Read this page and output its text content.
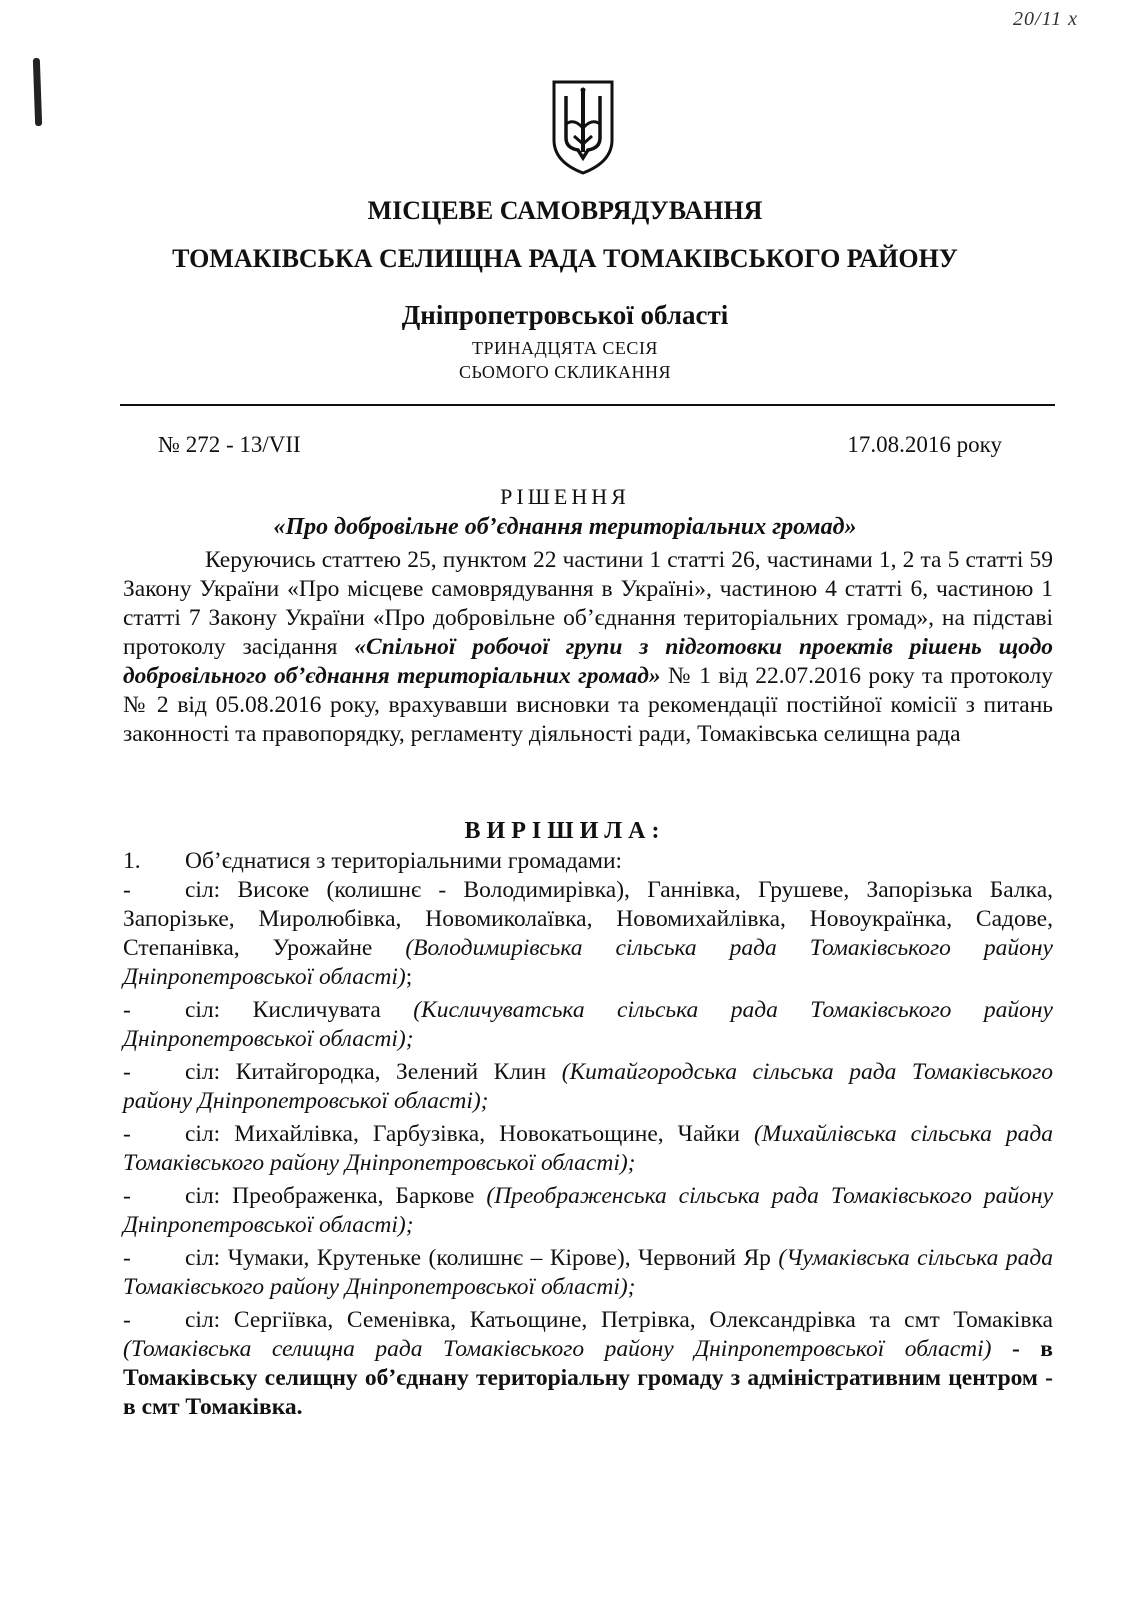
20/11 х
МІСЦЕВЕ САМОВРЯДУВАННЯ
ТОМАКІВСЬКА СЕЛИЩНА РАДА ТОМАКІВСЬКОГО РАЙОНУ
Дніпропетровської області
ТРИНАДЦЯТА СЕСІЯ
СЬОМОГО СКЛИКАННЯ
№ 272 - 13/VII	17.08.2016 року
РІШЕННЯ
«Про добровільне об’єднання територіальних громад»
Керуючись статтею 25, пунктом 22 частини 1 статті 26, частинами 1, 2 та 5 статті 59 Закону України «Про місцеве самоврядування в Україні», частиною 4 статті 6, частиною 1 статті 7 Закону України «Про добровільне об’єднання територіальних громад», на підставі протоколу засідання «Спільної робочої групи з підготовки проектів рішень щодо добровільного об’єднання територіальних громад» № 1 від 22.07.2016 року та протоколу № 2 від 05.08.2016 року, врахувавши висновки та рекомендації постійної комісії з питань законності та правопорядку, регламенту діяльності ради, Томаківська селищна рада
ВИРІШИЛА:
1. Об’єднатися з територіальними громадами:

- сіл: Високе (колишнє - Володимирівка), Ганнівка, Грушеве, Запорізька Балка, Запорізьке, Миролюбівка, Новомиколаївка, Новомихайлівка, Новоукраїнка, Садове, Степанівка, Урожайне (Володимирівська сільська рада Томаківського району Дніпропетровської області);

- сіл: Кисличувата (Кисличуватська сільська рада Томаківського району Дніпропетровської області);

- сіл: Китайгородка, Зелений Клин (Китайгородська сільська рада Томаківського району Дніпропетровської області);

- сіл: Михайлівка, Гарбузівка, Новокатьощине, Чайки (Михайлівська сільська рада Томаківського району Дніпропетровської області);

- сіл: Преображенка, Баркове (Преображенська сільська рада Томаківського району Дніпропетровської області);

- сіл: Чумаки, Крутеньке (колишнє – Кірове), Червоний Яр (Чумаківська сільська рада Томаківського району Дніпропетровської області);

- сіл: Сергіївка, Семенівка, Катьощине, Петрівка, Олександрівка та смт Томаківка (Томаківська селищна рада Томаківського району Дніпропетровської області) - в Томаківську селищну об’єднану територіальну громаду з адміністративним центром - в смт Томаківка.
